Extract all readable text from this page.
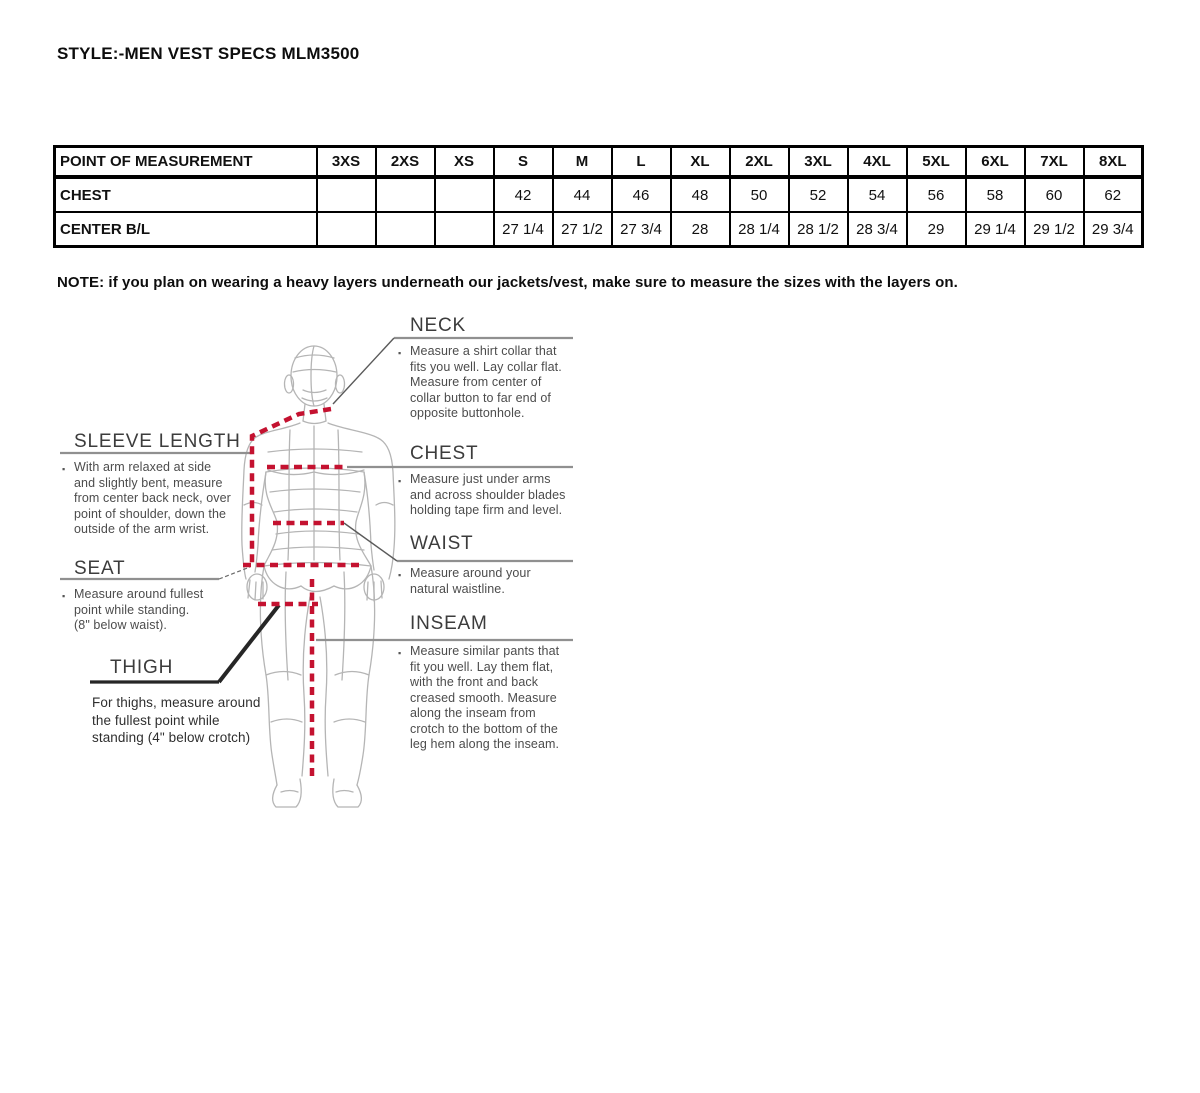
STYLE:-MEN VEST SPECS MLM3500
POINT OF MEASUREMENT	3XS	2XS	XS	S	M	L	XL	2XL	3XL	4XL	5XL	6XL	7XL	8XL
CHEST				42	44	46	48	50	52	54	56	58	60	62
CENTER B/L				27 1/4	27 1/2	27 3/4	28	28 1/4	28 1/2	28 3/4	29	29 1/4	29 1/2	29 3/4
NOTE: if you plan on wearing a heavy layers underneath our jackets/vest, make sure to measure the sizes with the layers on.
NECK
▪ Measure a shirt collar that
fits you well. Lay collar flat.
Measure from center of
collar button to far end of
opposite buttonhole.
CHEST
▪ Measure just under arms
and across shoulder blades
holding tape firm and level.
WAIST
▪ Measure around your
natural waistline.
INSEAM
▪ Measure similar pants that
fit you well. Lay them flat,
with the front and back
creased smooth. Measure
along the inseam from
crotch to the bottom of the
leg hem along the inseam.
SLEEVE LENGTH
▪ With arm relaxed at side
and slightly bent, measure
from center back neck, over
point of shoulder, down the
outside of the arm wrist.
SEAT
▪ Measure around fullest
point while standing.
(8" below waist).
THIGH
For thighs, measure around
the fullest point while
standing (4" below crotch)
